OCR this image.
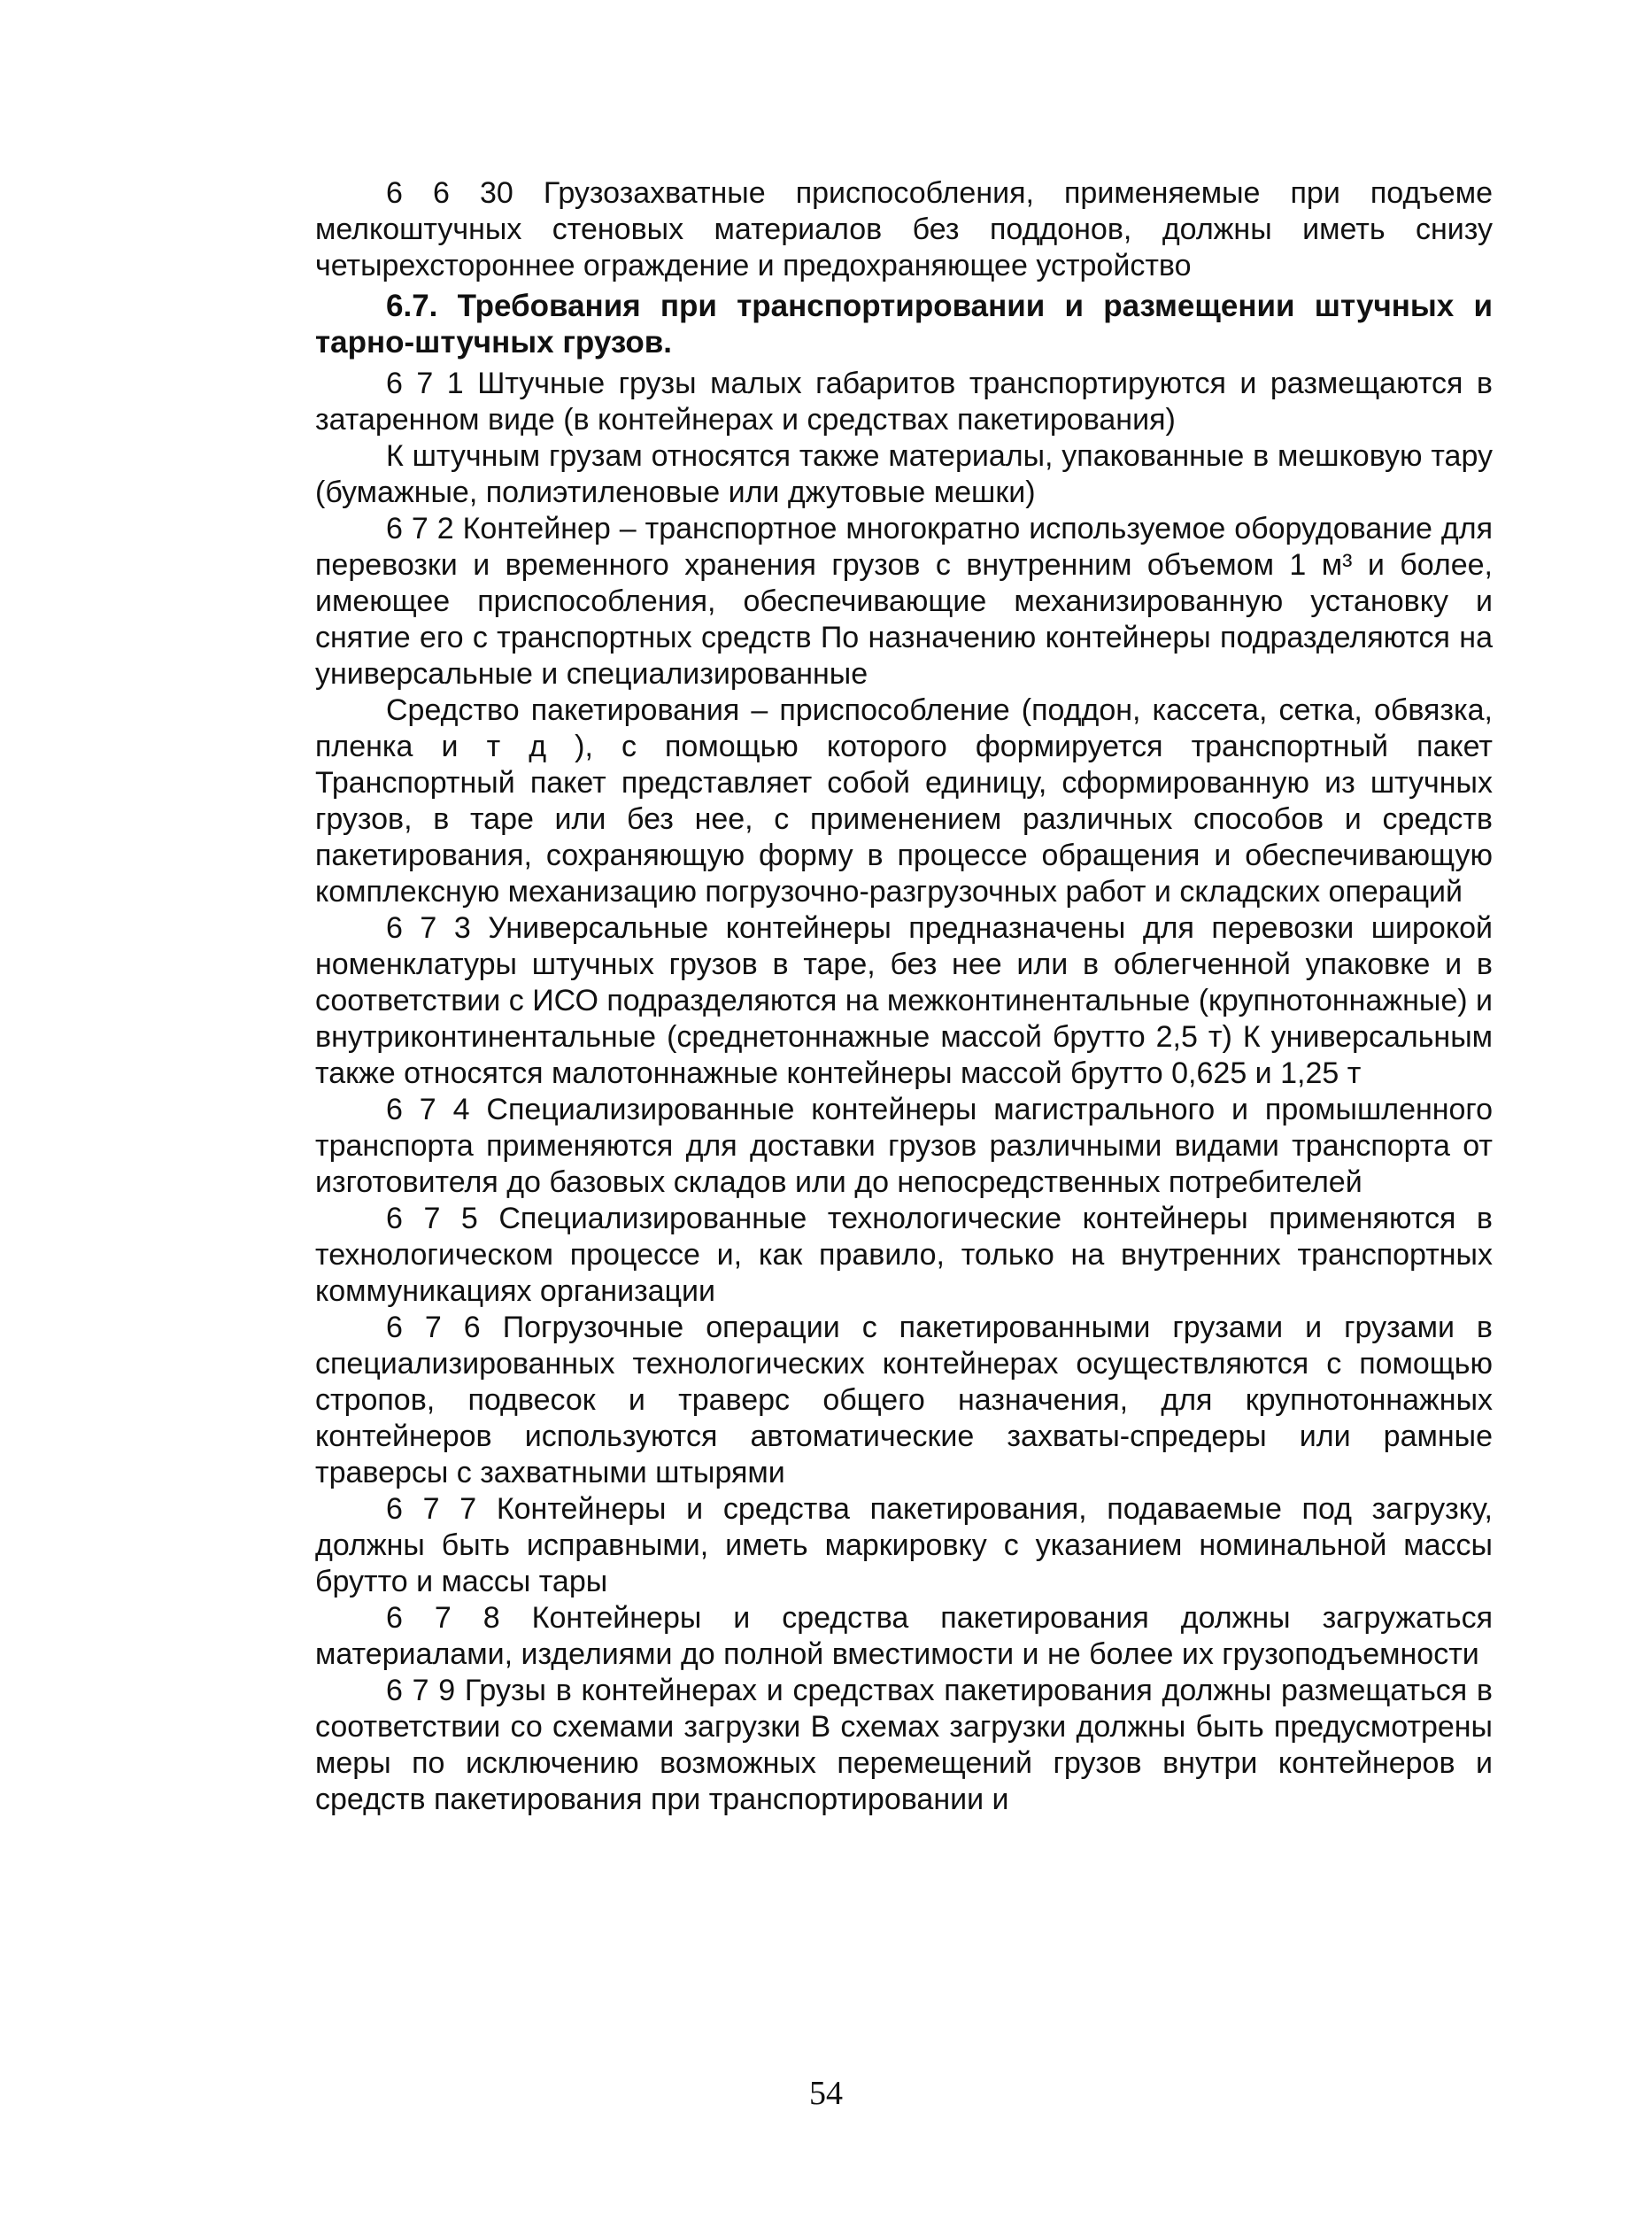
6 6 30 Грузозахватные приспособления, применяемые при подъеме мелкоштучных стеновых материалов без поддонов, должны иметь снизу четырехстороннее ограждение и предохраняющее устройство

6.7. Требования при транспортировании и размещении штучных и тарно-штучных грузов.

6 7 1 Штучные грузы малых габаритов транспортируются и размещаются в затаренном виде (в контейнерах и средствах пакетирования)

К штучным грузам относятся также материалы, упакованные в мешковую тару (бумажные, полиэтиленовые или джутовые мешки)

6 7 2 Контейнер – транспортное многократно используемое оборудование для перевозки и временного хранения грузов с внутренним объемом 1 м³ и более, имеющее приспособления, обеспечивающие механизированную установку и снятие его с транспортных средств По назначению контейнеры подразделяются на универсальные и специализированные

Средство пакетирования – приспособление (поддон, кассета, сетка, обвязка, пленка и т д ), с помощью которого формируется транспортный пакет Транспортный пакет представляет собой единицу, сформированную из штучных грузов, в таре или без нее, с применением различных способов и средств пакетирования, сохраняющую форму в процессе обращения и обеспечивающую комплексную механизацию погрузочно-разгрузочных работ и складских операций

6 7 3 Универсальные контейнеры предназначены для перевозки широкой номенклатуры штучных грузов в таре, без нее или в облегченной упаковке и в соответствии с ИСО подразделяются на межконтинентальные (крупнотоннажные) и внутриконтинентальные (среднетоннажные массой брутто 2,5 т) К универсальным также относятся малотоннажные контейнеры массой брутто 0,625 и 1,25 т

6 7 4 Специализированные контейнеры магистрального и промышленного транспорта применяются для доставки грузов различными видами транспорта от изготовителя до базовых складов или до непосредственных потребителей

6 7 5 Специализированные технологические контейнеры применяются в технологическом процессе и, как правило, только на внутренних транспортных коммуникациях организации

6 7 6 Погрузочные операции с пакетированными грузами и грузами в специализированных технологических контейнерах осуществляются с помощью стропов, подвесок и траверс общего назначения, для крупнотоннажных контейнеров используются автоматические захваты-спредеры или рамные траверсы с захватными штырями

6 7 7 Контейнеры и средства пакетирования, подаваемые под загрузку, должны быть исправными, иметь маркировку с указанием номинальной массы брутто и массы тары

6 7 8 Контейнеры и средства пакетирования должны загружаться материалами, изделиями до полной вместимости и не более их грузоподъемности

6 7 9 Грузы в контейнерах и средствах пакетирования должны размещаться в соответствии со схемами загрузки В схемах загрузки должны быть предусмотрены меры по исключению возможных перемещений грузов внутри контейнеров и средств пакетирования при транспортировании и

54
